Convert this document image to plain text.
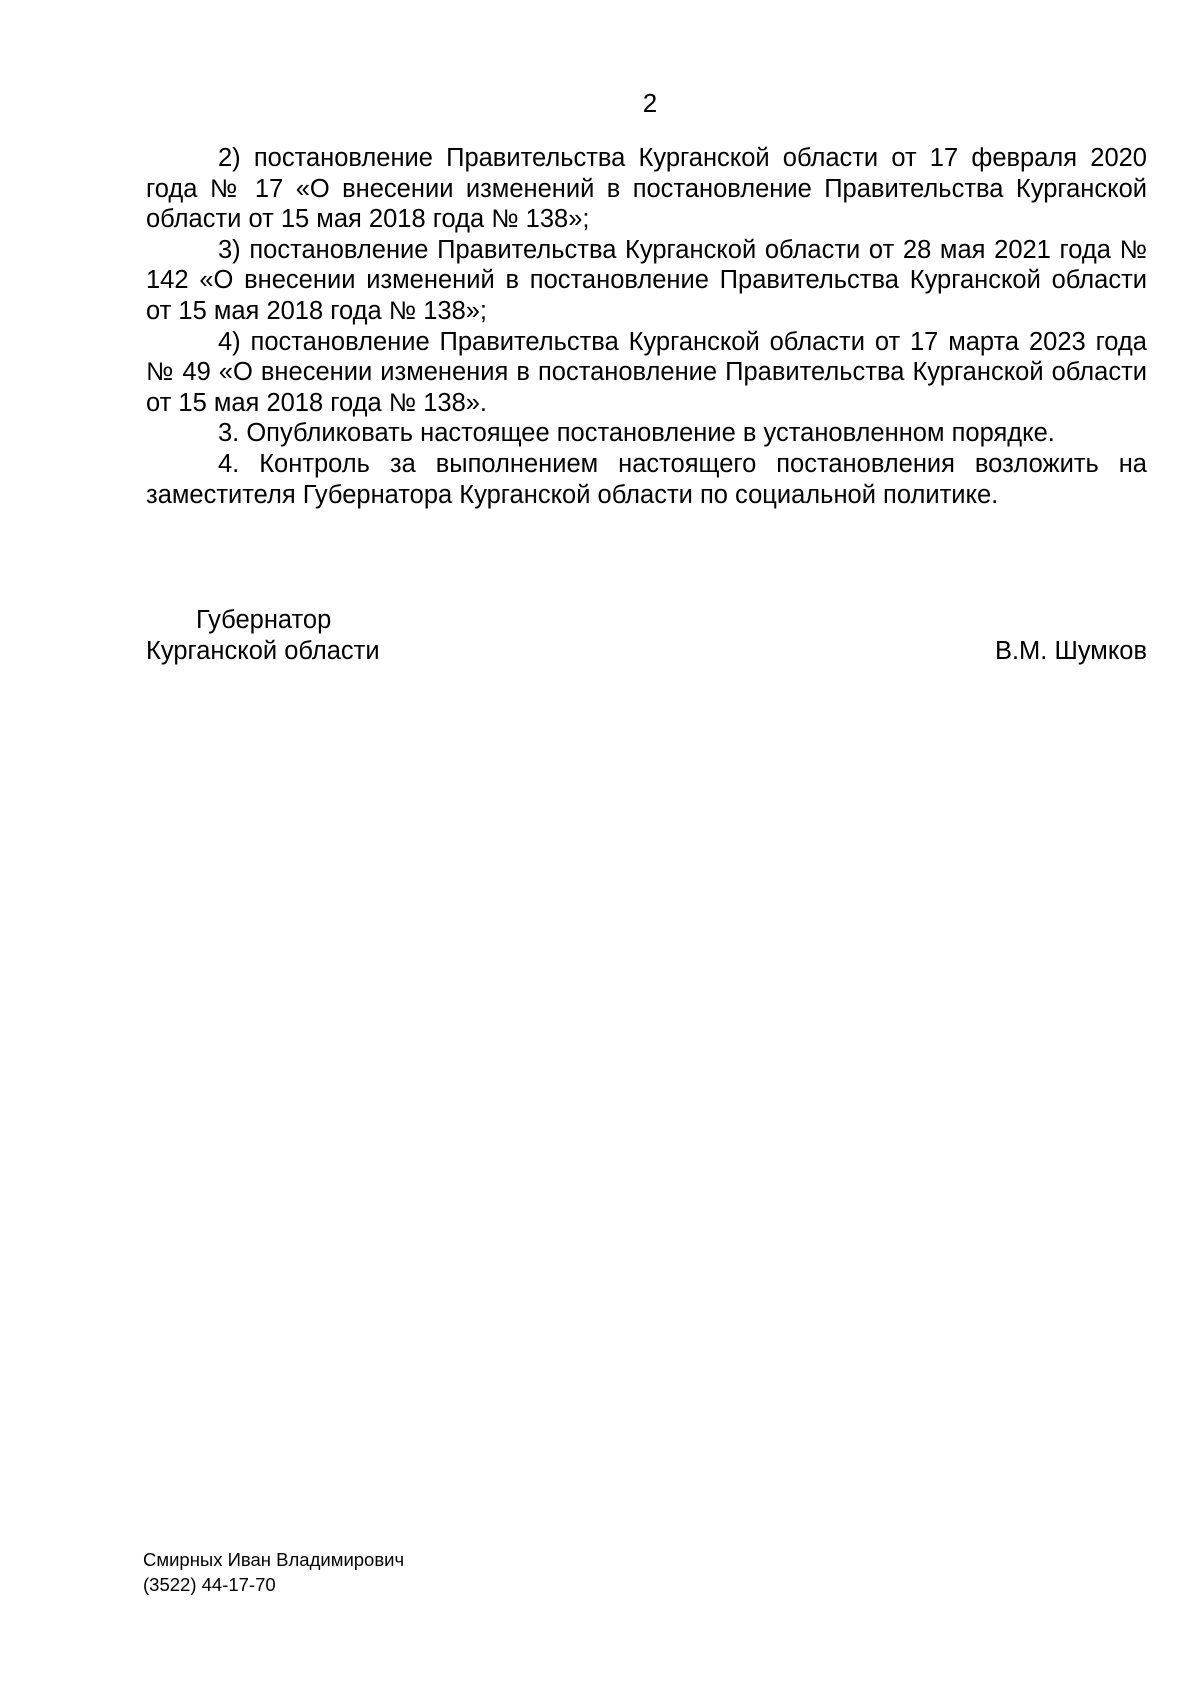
2

2) постановление Правительства Курганской области от 17 февраля 2020 года № 17 «О внесении изменений в постановление Правительства Курганской области от 15 мая 2018 года № 138»;

3) постановление Правительства Курганской области от 28 мая 2021 года № 142 «О внесении изменений в постановление Правительства Курганской области от 15 мая 2018 года № 138»;

4) постановление Правительства Курганской области от 17 марта 2023 года № 49 «О внесении изменения в постановление Правительства Курганской области от 15 мая 2018 года № 138».

3. Опубликовать настоящее постановление в установленном порядке.

4. Контроль за выполнением настоящего постановления возложить на заместителя Губернатора Курганской области по социальной политике.

Губернатор
Курганской области	В.М. Шумков
Смирных Иван Владимирович
(3522) 44-17-70
